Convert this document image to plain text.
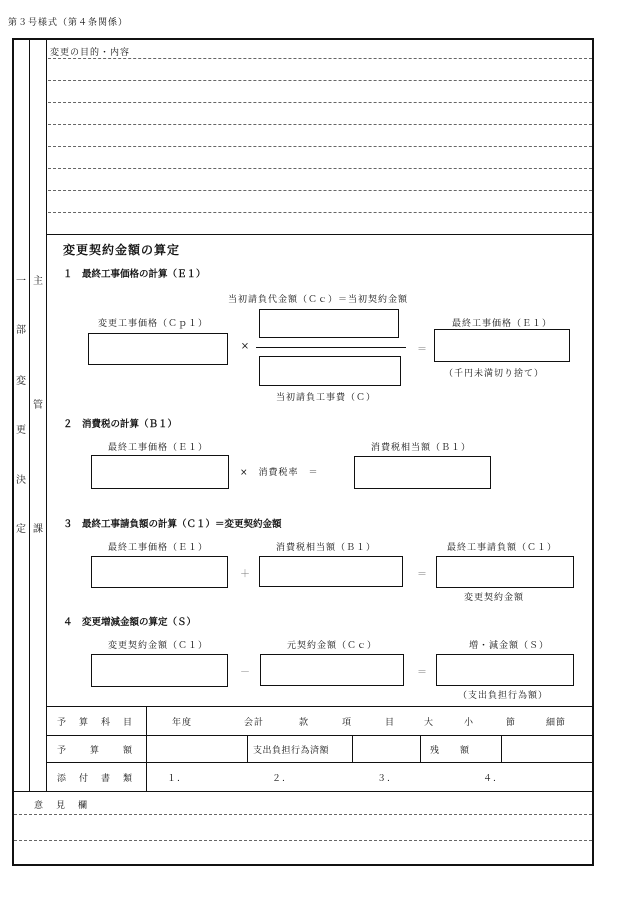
第３号様式（第４条関係）
一
部
変
更
決
定
主
管
課
変更の目的・内容
変更契約金額の算定
１　最終工事価格の計算（Ｅ１）
当初請負代金額（Ｃｃ）＝当初契約金額
変更工事価格（Ｃｐ１）
×	＝
当初請負工事費（Ｃ）
最終工事価格（Ｅ１）
（千円未満切り捨て）
２　消費税の計算（Ｂ１）
最終工事価格（Ｅ１）
×　消費税率　＝
消費税相当額（Ｂ１）
３　最終工事請負額の計算（Ｃ１）＝変更契約金額
最終工事価格（Ｅ１）
＋
消費税相当額（Ｂ１）
＝
最終工事請負額（Ｃ１）
変更契約金額
４　変更増減金額の算定（Ｓ）
変更契約金額（Ｃ１）
－
元契約金額（Ｃｃ）
＝
増・減金額（Ｓ）
（支出負担行為額）
予　算　科　目	年度	会計	款	項	目	大	小	節	細節
予　　算　　額	支出負担行為済額	残　　額
添　付　書　類	１.	２.	３.	４.
意　見　欄
